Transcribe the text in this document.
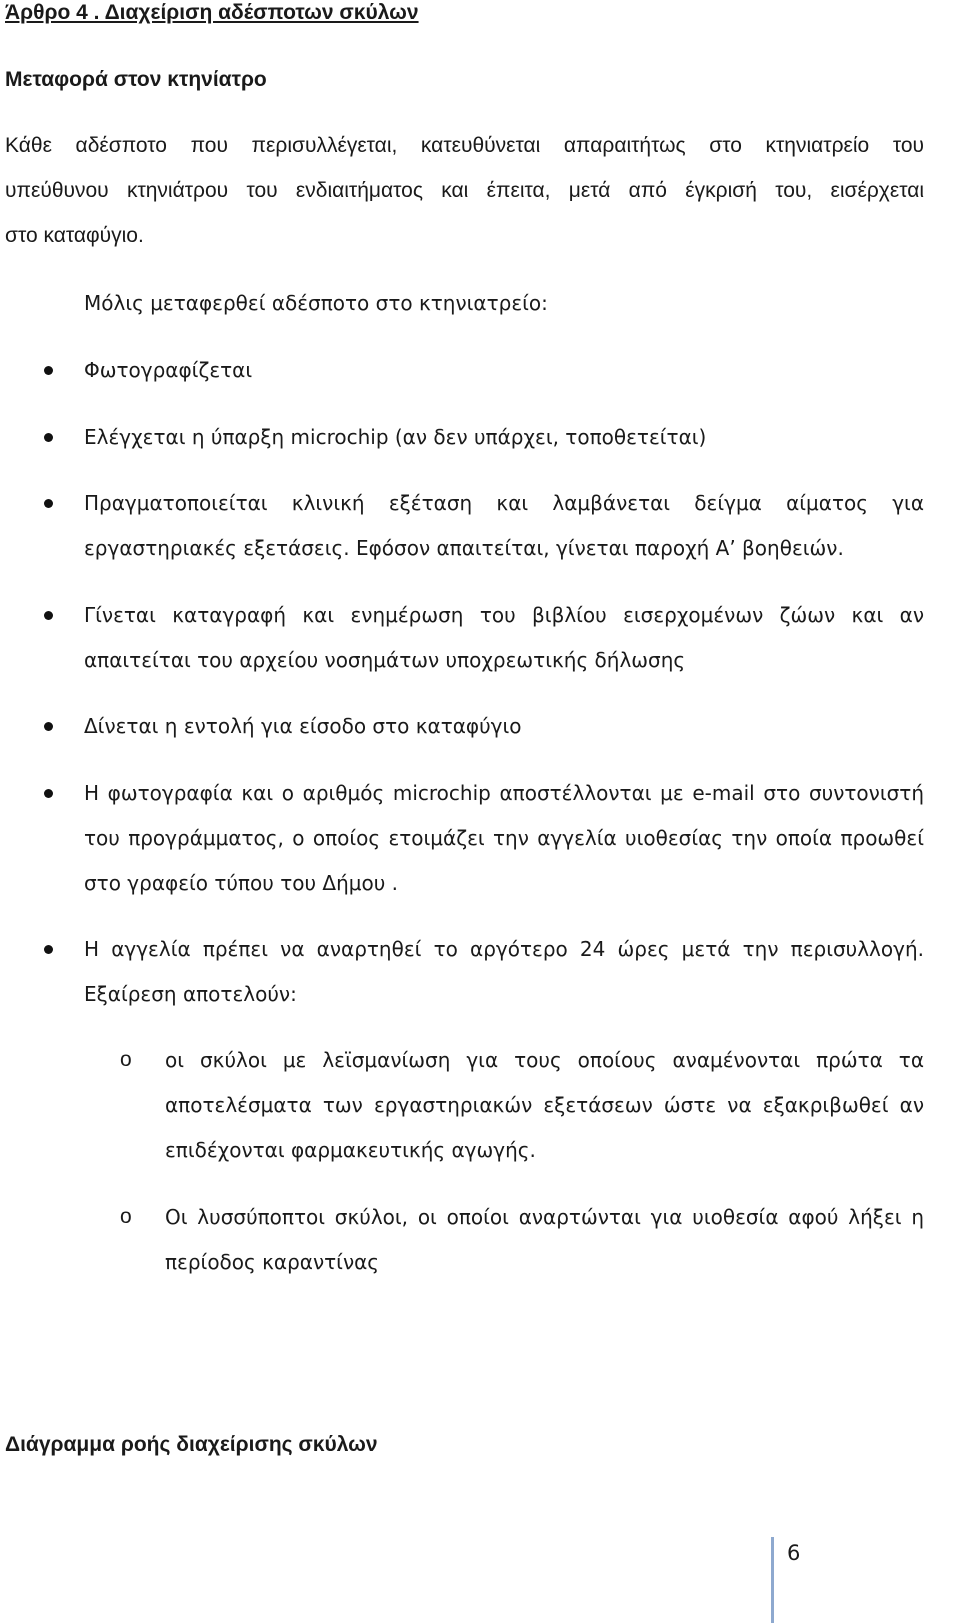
Άρθρο 4 . Διαχείριση αδέσποτων σκύλων
Μεταφορά στον κτηνίατρο
Κάθε αδέσποτο που περισυλλέγεται, κατευθύνεται απαραιτήτως στο κτηνιατρείο του
υπεύθυνου κτηνιάτρου του ενδιαιτήματος και έπειτα, μετά από έγκρισή του, εισέρχεται
στο καταφύγιο.
Μόλις μεταφερθεί αδέσποτο στο κτηνιατρείο:
Φωτογραφίζεται
Ελέγχεται η ύπαρξη microchip (αν δεν υπάρχει, τοποθετείται)
Πραγματοποιείται κλινική εξέταση και λαμβάνεται δείγμα αίματος για
εργαστηριακές εξετάσεις. Εφόσον απαιτείται, γίνεται παροχή Α’ βοηθειών.
Γίνεται καταγραφή και ενημέρωση του βιβλίου εισερχομένων ζώων και αν
απαιτείται του αρχείου νοσημάτων υποχρεωτικής δήλωσης
Δίνεται η εντολή για είσοδο στο καταφύγιο
Η φωτογραφία και ο αριθμός microchip αποστέλλονται με e-mail στο συντονιστή
του προγράμματος, ο οποίος ετοιμάζει την αγγελία υιοθεσίας την οποία προωθεί
στο γραφείο τύπου του Δήμου .
Η αγγελία πρέπει να αναρτηθεί το αργότερο 24 ώρες μετά την περισυλλογή.
Εξαίρεση αποτελούν:
o οι σκύλοι με λεϊσμανίωση για τους οποίους αναμένονται πρώτα τα
αποτελέσματα των εργαστηριακών εξετάσεων ώστε να εξακριβωθεί αν
επιδέχονται φαρμακευτικής αγωγής.
o Οι λυσσύποπτοι σκύλοι, οι οποίοι αναρτώνται για υιοθεσία αφού λήξει η
περίοδος καραντίνας
Διάγραμμα ροής διαχείρισης σκύλων
6
